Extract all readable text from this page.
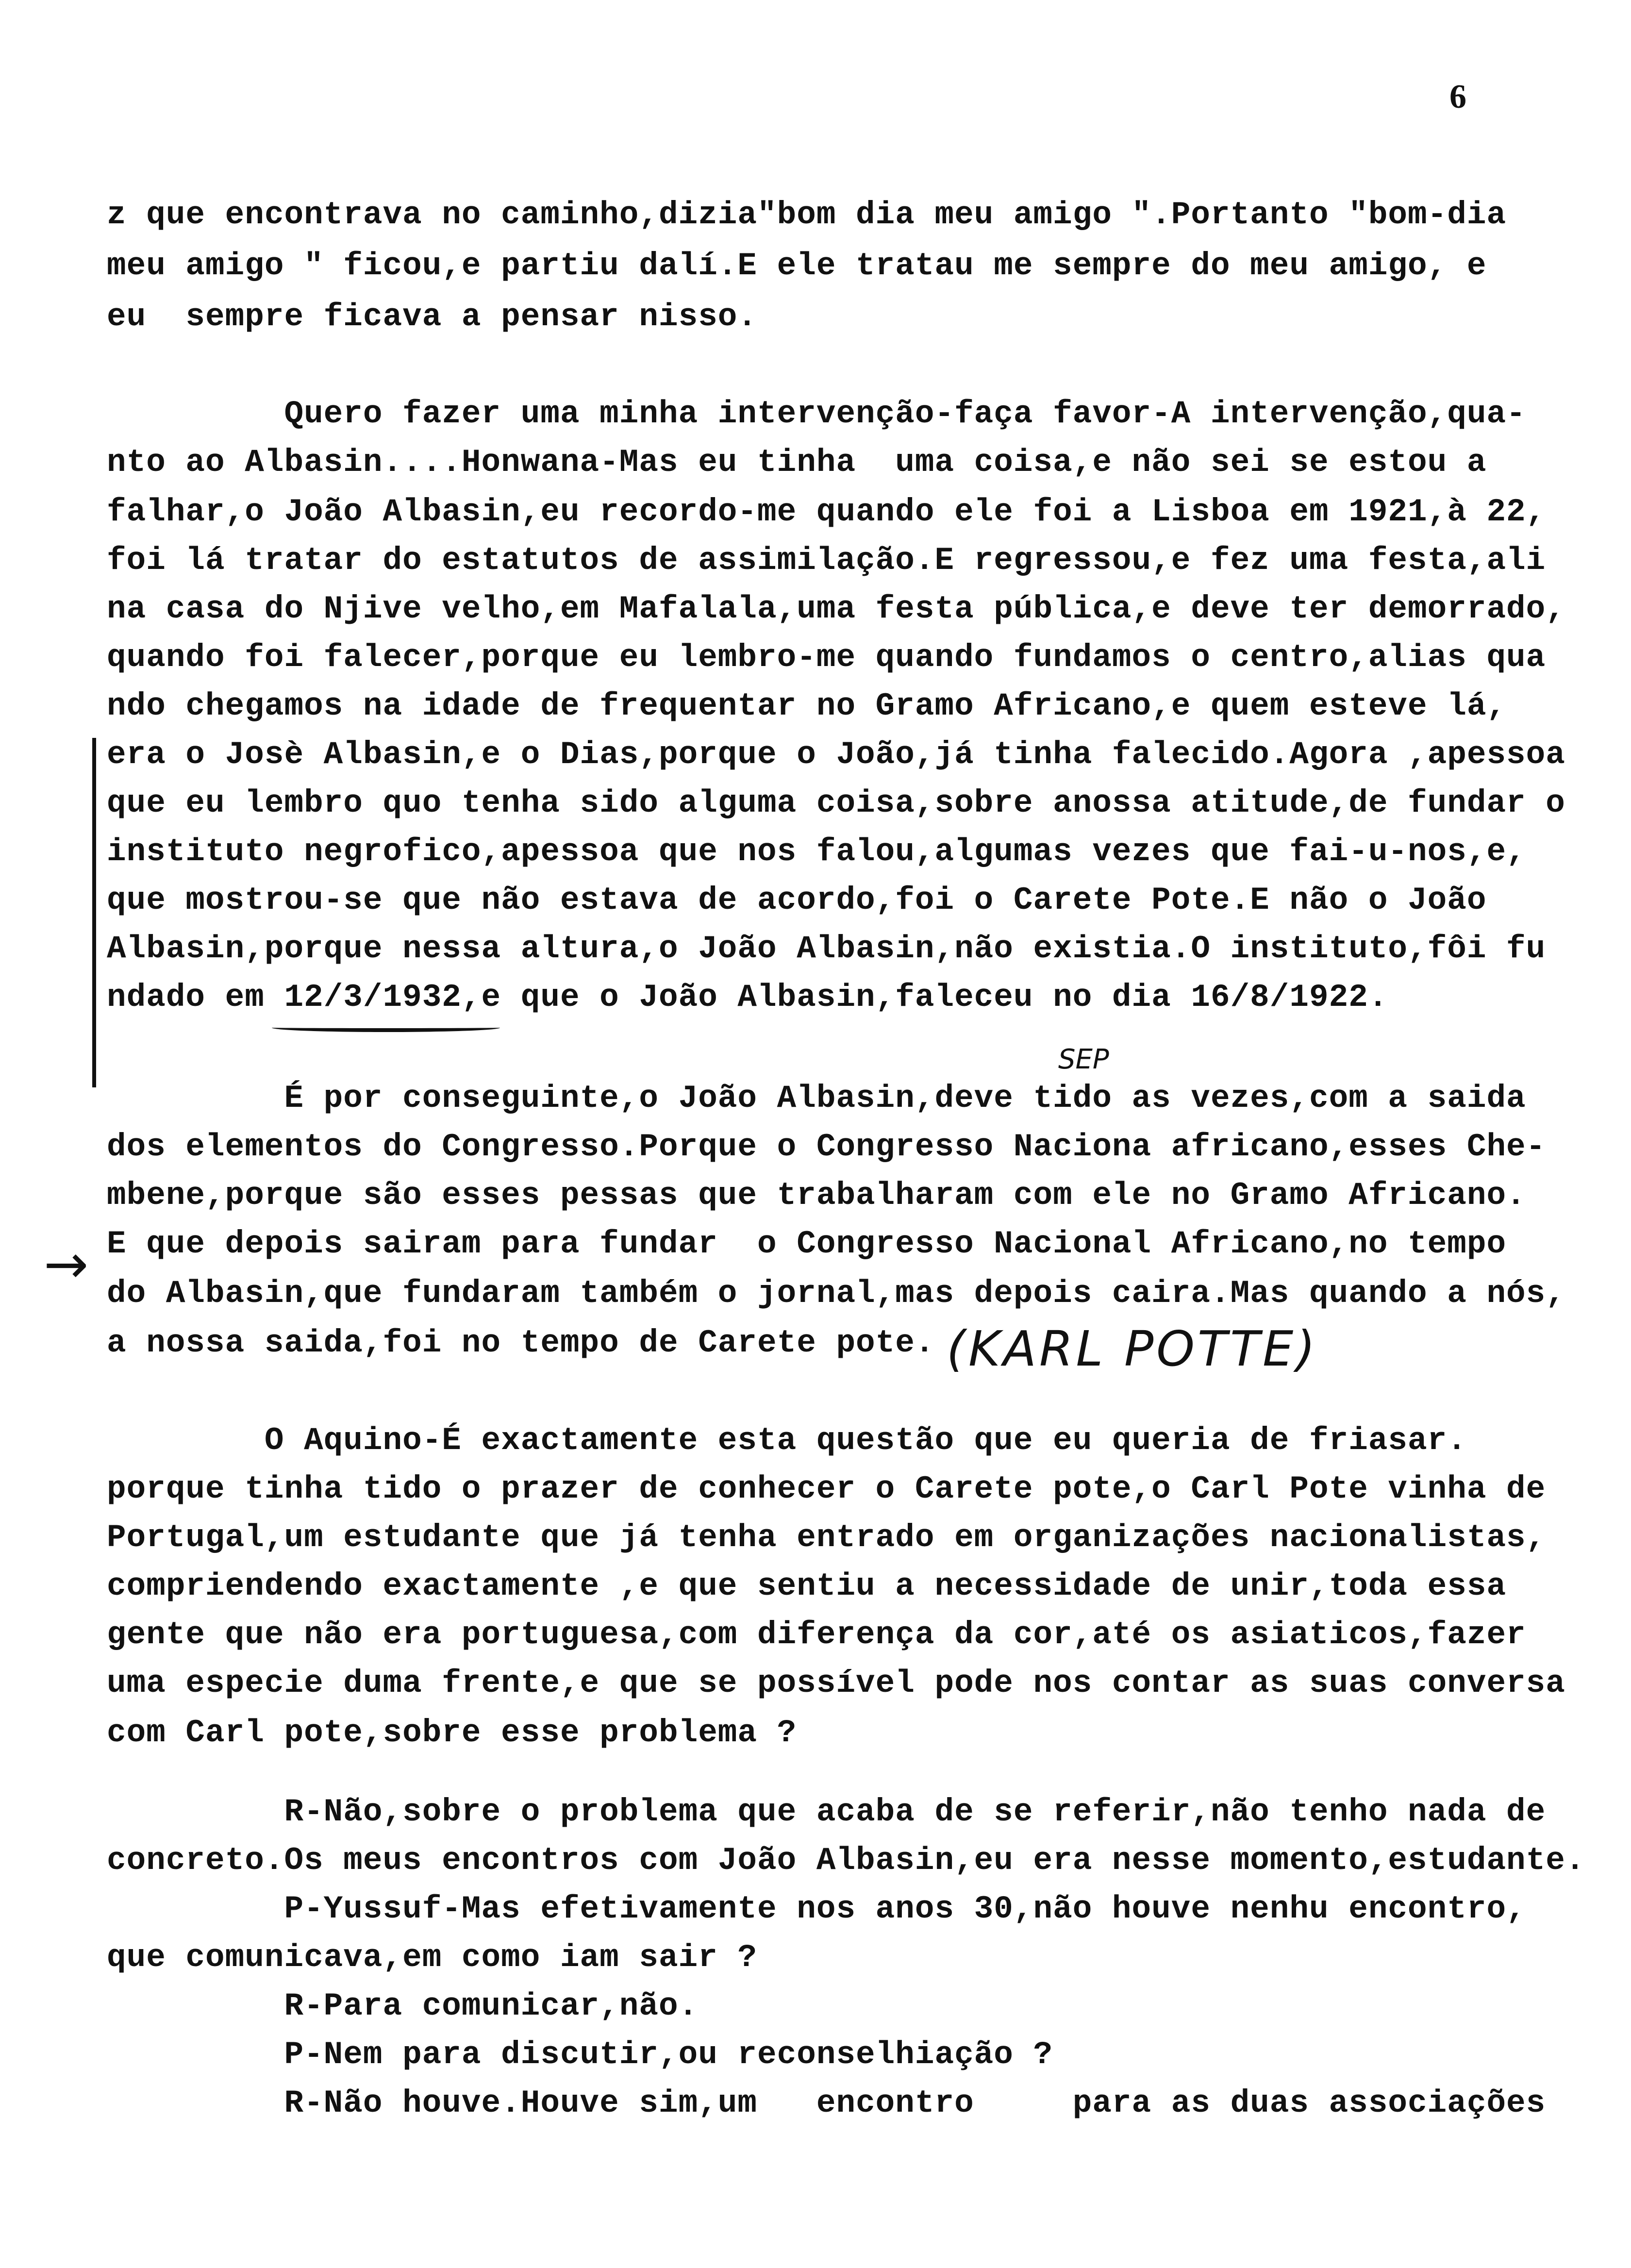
6
z que encontrava no caminho,dizia"bom dia meu amigo ".Portanto "bom-dia
meu amigo " ficou,e partiu dalí.E ele tratau me sempre do meu amigo, e
eu  sempre ficava a pensar nisso.
Quero fazer uma minha intervenção-faça favor-A intervenção,qua-
nto ao Albasin....Honwana-Mas eu tinha  uma coisa,e não sei se estou a
falhar,o João Albasin,eu recordo-me quando ele foi a Lisboa em 1921,à 22,
foi lá tratar do estatutos de assimilação.E regressou,e fez uma festa,ali
na casa do Njive velho,em Mafalala,uma festa pública,e deve ter demorrado,
quando foi falecer,porque eu lembro-me quando fundamos o centro,alias qua
ndo chegamos na idade de frequentar no Gramo Africano,e quem esteve lá,
era o Josè Albasin,e o Dias,porque o João,já tinha falecido.Agora ,apessoa
que eu lembro quo tenha sido alguma coisa,sobre anossa atitude,de fundar o
instituto negrofico,apessoa que nos falou,algumas vezes que fai-u-nos,e,
que mostrou-se que não estava de acordo,foi o Carete Pote.E não o João
Albasin,porque nessa altura,o João Albasin,não existia.O instituto,fôi fu
ndado em 12/3/1932,e que o João Albasin,faleceu no dia 16/8/1922.
É por conseguinte,o João Albasin,deve tido as vezes,com a saida
dos elementos do Congresso.Porque o Congresso Naciona africano,esses Che-
mbene,porque são esses pessas que trabalharam com ele no Gramo Africano.
E que depois sairam para fundar  o Congresso Nacional Africano,no tempo
do Albasin,que fundaram também o jornal,mas depois caira.Mas quando a nós,
a nossa saida,foi no tempo de Carete pote.
O Aquino-É exactamente esta questão que eu queria de friasar.
porque tinha tido o prazer de conhecer o Carete pote,o Carl Pote vinha de
Portugal,um estudante que já tenha entrado em organizações nacionalistas,
compriendendo exactamente ,e que sentiu a necessidade de unir,toda essa
gente que não era portuguesa,com diferença da cor,até os asiaticos,fazer
uma especie duma frente,e que se possível pode nos contar as suas conversa
com Carl pote,sobre esse problema ?
R-Não,sobre o problema que acaba de se referir,não tenho nada de
concreto.Os meus encontros com João Albasin,eu era nesse momento,estudante.
P-Yussuf-Mas efetivamente nos anos 30,não houve nenhu encontro,
que comunicava,em como iam sair ?
R-Para comunicar,não.
P-Nem para discutir,ou reconselhiação ?
R-Não houve.Houve sim,um   encontro     para as duas associações
→
SEP
(KARL POTTE)
